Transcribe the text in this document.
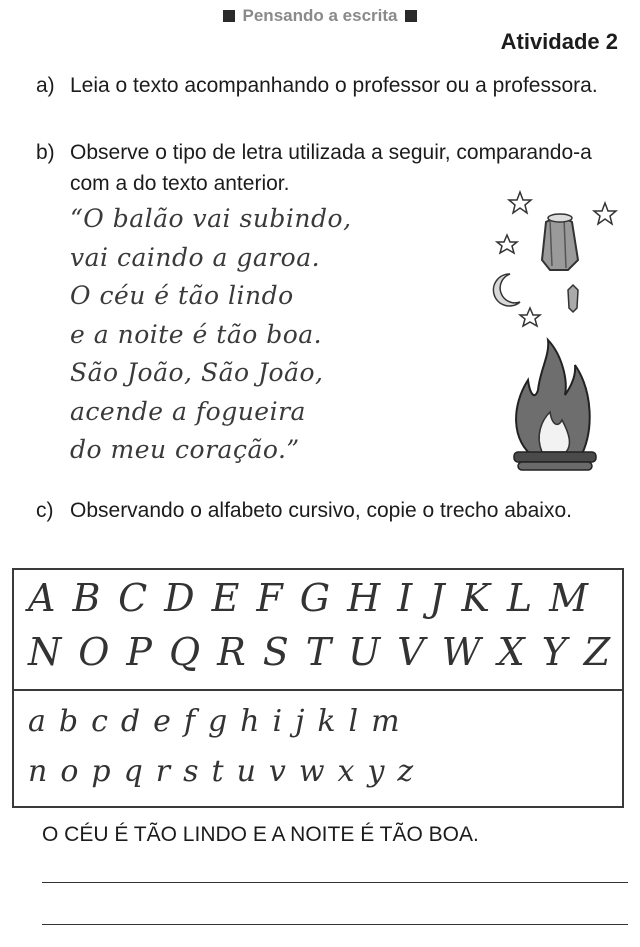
Pensando a escrita
Atividade 2
a) Leia o texto acompanhando o professor ou a professora.
b) Observe o tipo de letra utilizada a seguir, comparando-a com a do texto anterior.
“O balão vai subindo,
vai caindo a garoa.
O céu é tão lindo
e a noite é tão boa.
São João, São João,
acende a fogueira
do meu coração.”
c) Observando o alfabeto cursivo, copie o trecho abaixo.
ABCDEFGHIJKLM
NOPQRSTUVWXYZ
abcdefghijklm
nopqrstuvwxyz
O CÉU É TÃO LINDO E A NOITE É TÃO BOA.
